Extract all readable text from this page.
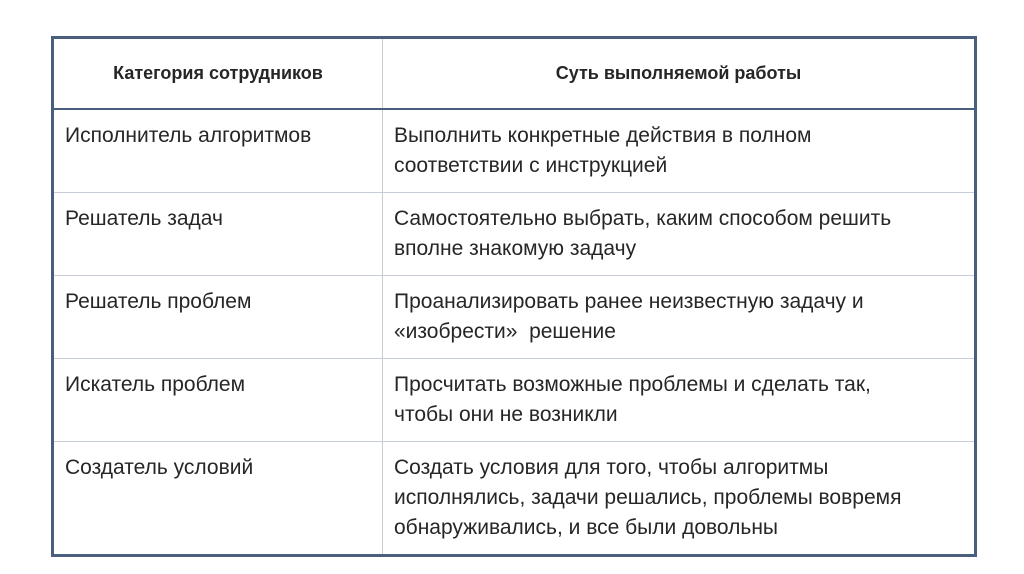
Категория сотрудников	Суть выполняемой работы
Исполнитель алгоритмов	Выполнить конкретные действия в полном
соответствии с инструкцией
Решатель задач	Самостоятельно выбрать, каким способом решить
вполне знакомую задачу
Решатель проблем	Проанализировать ранее неизвестную задачу и
«изобрести»  решение
Искатель проблем	Просчитать возможные проблемы и сделать так,
чтобы они не возникли
Создатель условий	Создать условия для того, чтобы алгоритмы
исполнялись, задачи решались, проблемы вовремя
обнаруживались, и все были довольны
